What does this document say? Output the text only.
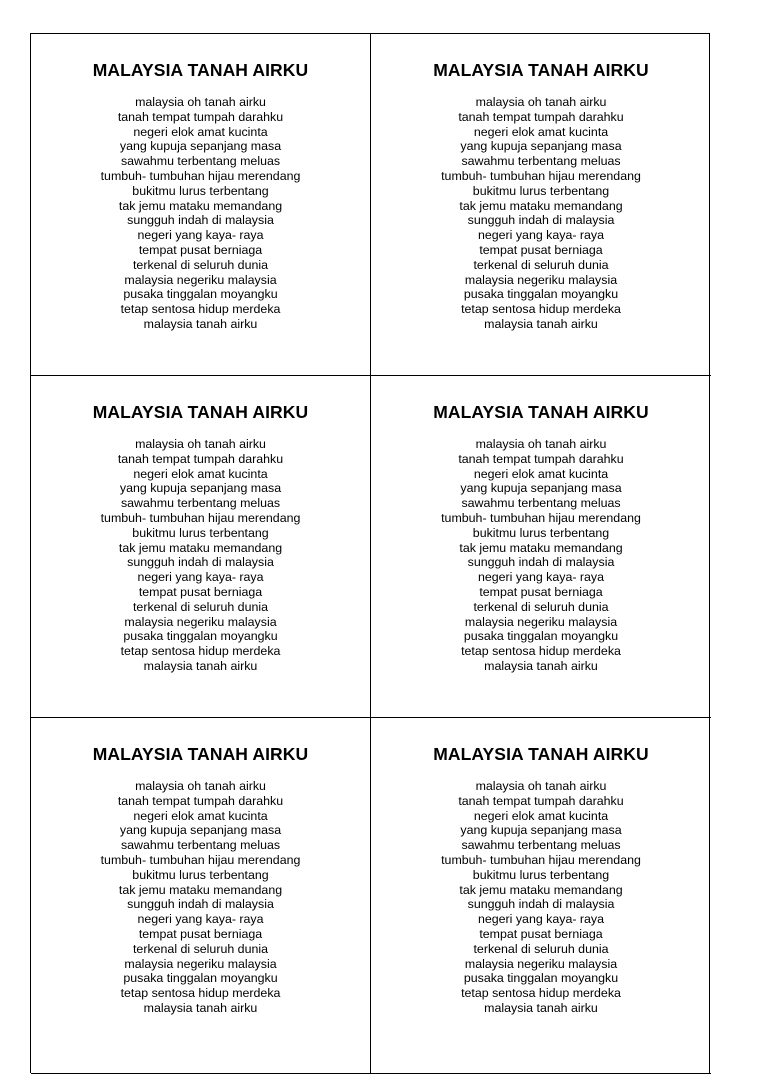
MALAYSIA TANAH AIRKU
malaysia oh tanah airku
tanah tempat tumpah darahku
negeri elok amat kucinta
yang kupuja sepanjang masa
sawahmu terbentang meluas
tumbuh- tumbuhan hijau merendang
bukitmu lurus terbentang
tak jemu mataku memandang
sungguh indah di malaysia
negeri yang kaya- raya
tempat pusat berniaga
terkenal di seluruh dunia
malaysia negeriku malaysia
pusaka tinggalan moyangku
tetap sentosa hidup merdeka
malaysia tanah airku
MALAYSIA TANAH AIRKU
malaysia oh tanah airku
tanah tempat tumpah darahku
negeri elok amat kucinta
yang kupuja sepanjang masa
sawahmu terbentang meluas
tumbuh- tumbuhan hijau merendang
bukitmu lurus terbentang
tak jemu mataku memandang
sungguh indah di malaysia
negeri yang kaya- raya
tempat pusat berniaga
terkenal di seluruh dunia
malaysia negeriku malaysia
pusaka tinggalan moyangku
tetap sentosa hidup merdeka
malaysia tanah airku
MALAYSIA TANAH AIRKU
malaysia oh tanah airku
tanah tempat tumpah darahku
negeri elok amat kucinta
yang kupuja sepanjang masa
sawahmu terbentang meluas
tumbuh- tumbuhan hijau merendang
bukitmu lurus terbentang
tak jemu mataku memandang
sungguh indah di malaysia
negeri yang kaya- raya
tempat pusat berniaga
terkenal di seluruh dunia
malaysia negeriku malaysia
pusaka tinggalan moyangku
tetap sentosa hidup merdeka
malaysia tanah airku
MALAYSIA TANAH AIRKU
malaysia oh tanah airku
tanah tempat tumpah darahku
negeri elok amat kucinta
yang kupuja sepanjang masa
sawahmu terbentang meluas
tumbuh- tumbuhan hijau merendang
bukitmu lurus terbentang
tak jemu mataku memandang
sungguh indah di malaysia
negeri yang kaya- raya
tempat pusat berniaga
terkenal di seluruh dunia
malaysia negeriku malaysia
pusaka tinggalan moyangku
tetap sentosa hidup merdeka
malaysia tanah airku
MALAYSIA TANAH AIRKU
malaysia oh tanah airku
tanah tempat tumpah darahku
negeri elok amat kucinta
yang kupuja sepanjang masa
sawahmu terbentang meluas
tumbuh- tumbuhan hijau merendang
bukitmu lurus terbentang
tak jemu mataku memandang
sungguh indah di malaysia
negeri yang kaya- raya
tempat pusat berniaga
terkenal di seluruh dunia
malaysia negeriku malaysia
pusaka tinggalan moyangku
tetap sentosa hidup merdeka
malaysia tanah airku
MALAYSIA TANAH AIRKU
malaysia oh tanah airku
tanah tempat tumpah darahku
negeri elok amat kucinta
yang kupuja sepanjang masa
sawahmu terbentang meluas
tumbuh- tumbuhan hijau merendang
bukitmu lurus terbentang
tak jemu mataku memandang
sungguh indah di malaysia
negeri yang kaya- raya
tempat pusat berniaga
terkenal di seluruh dunia
malaysia negeriku malaysia
pusaka tinggalan moyangku
tetap sentosa hidup merdeka
malaysia tanah airku
